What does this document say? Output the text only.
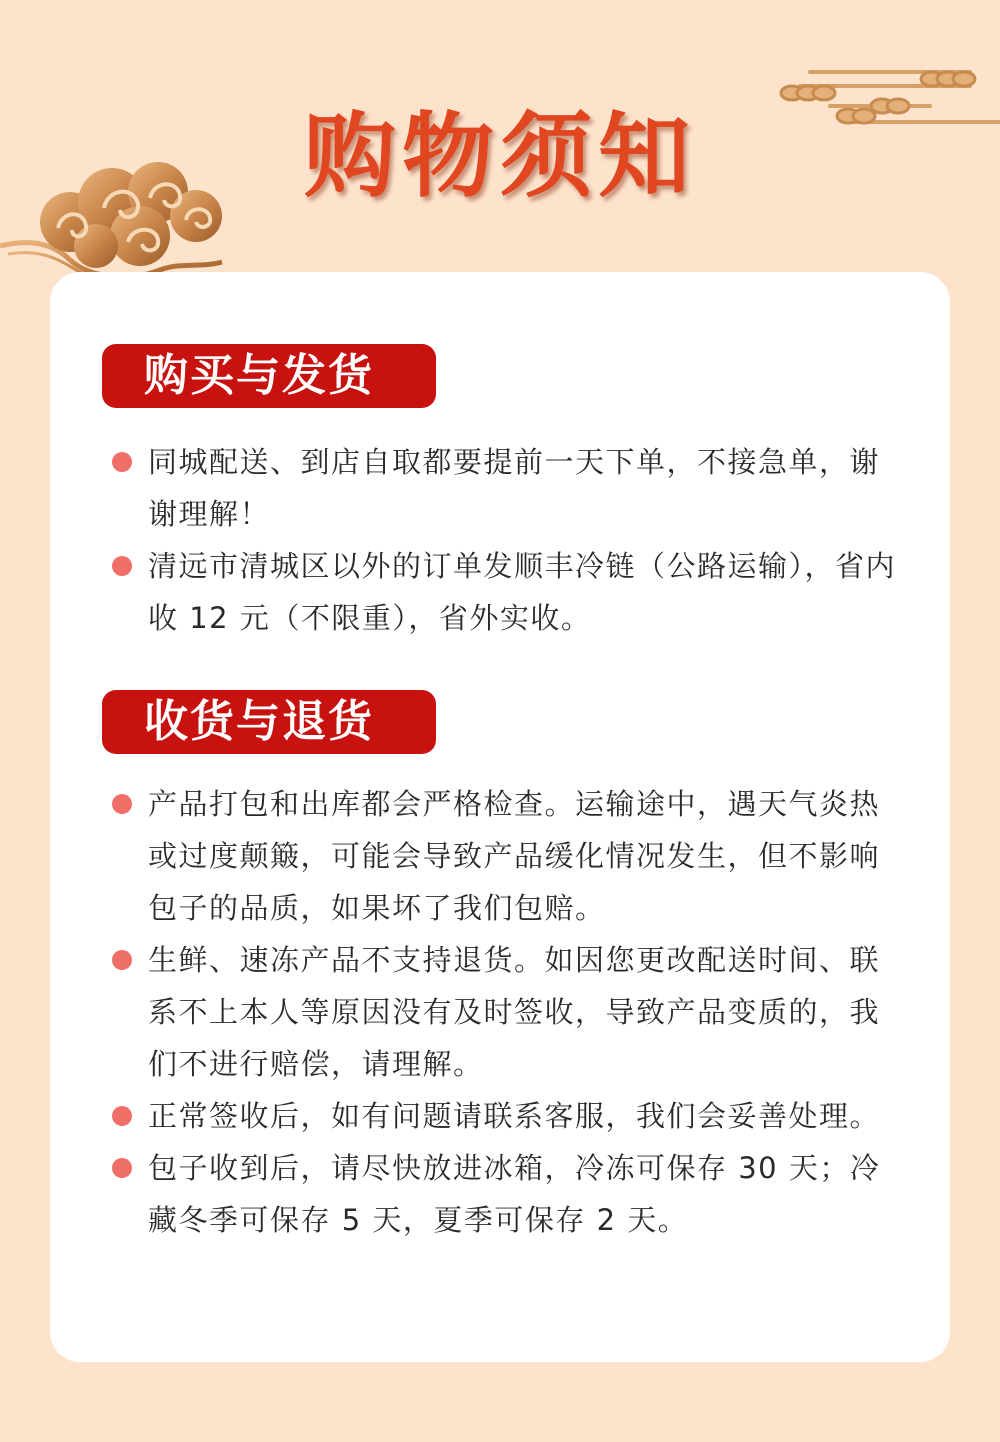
购物须知
购买与发货
同城配送、到店自取都要提前一天下单，不接急单，谢谢理解！
清远市清城区以外的订单发顺丰冷链（公路运输），省内收 12 元（不限重），省外实收。
收货与退货
产品打包和出库都会严格检查。运输途中，遇天气炎热或过度颠簸，可能会导致产品缓化情况发生，但不影响包子的品质，如果坏了我们包赔。
生鲜、速冻产品不支持退货。如因您更改配送时间、联系不上本人等原因没有及时签收，导致产品变质的，我们不进行赔偿，请理解。
正常签收后，如有问题请联系客服，我们会妥善处理。
包子收到后，请尽快放进冰箱，冷冻可保存 30 天；冷藏冬季可保存 5 天，夏季可保存 2 天。
